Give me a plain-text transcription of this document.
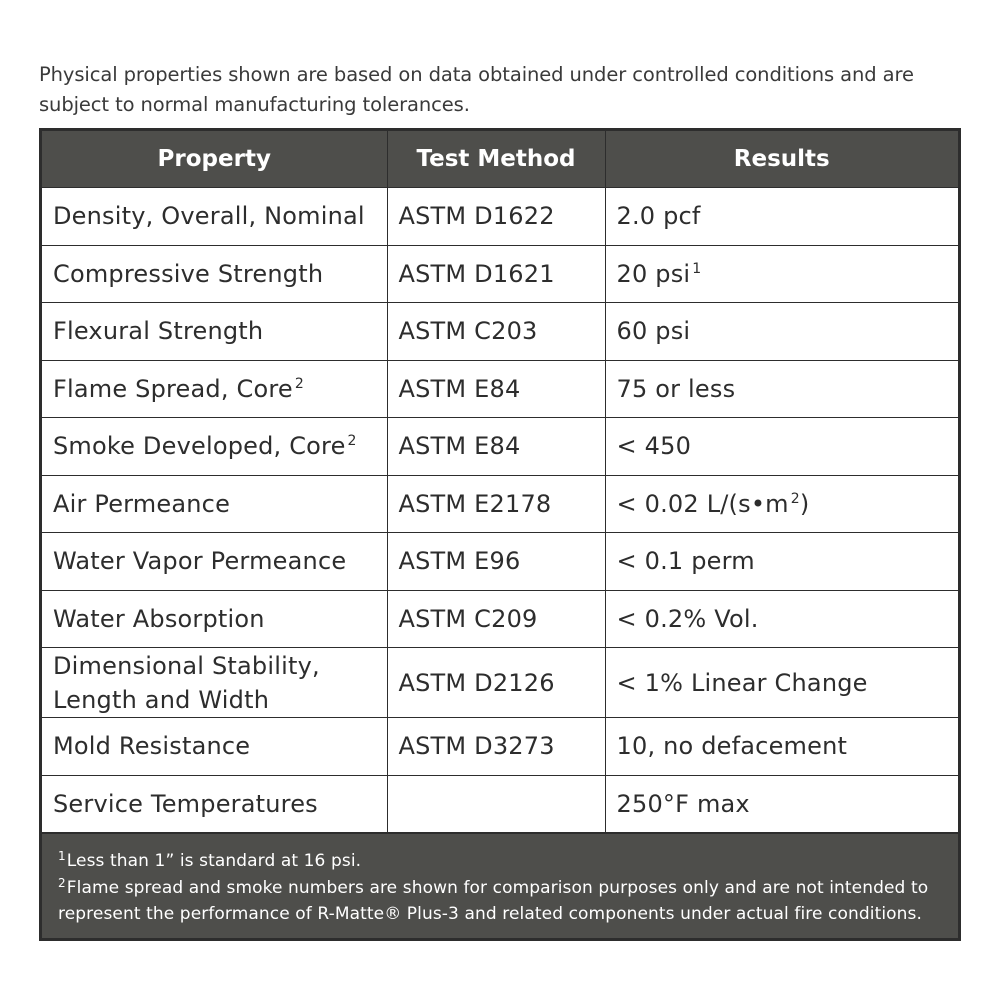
Physical properties shown are based on data obtained under controlled conditions and are
subject to normal manufacturing tolerances.
Property	Test Method	Results
Density, Overall, Nominal	ASTM D1622	2.0 pcf
Compressive Strength	ASTM D1621	20 psi $^1$
Flexural Strength	ASTM C203	60 psi
Flame Spread, Core $^2$	ASTM E84	75 or less
Smoke Developed, Core $^2$	ASTM E84	< 450
Air Permeance	ASTM E2178	< 0.02 L/(s•m $^2$)
Water Vapor Permeance	ASTM E96	< 0.1 perm
Water Absorption	ASTM C209	< 0.2% Vol.

Dimensional Stability,
Length and Width	ASTM D2126	< 1% Linear Change
Mold Resistance	ASTM D3273	10, no defacement
Service Temperatures		250°F max
$^1$Less than 1” is standard at 16 psi.
$^2$Flame spread and smoke numbers are shown for comparison purposes only and are not intended to
represent the performance of R-Matte® Plus-3 and related components under actual fire conditions.
